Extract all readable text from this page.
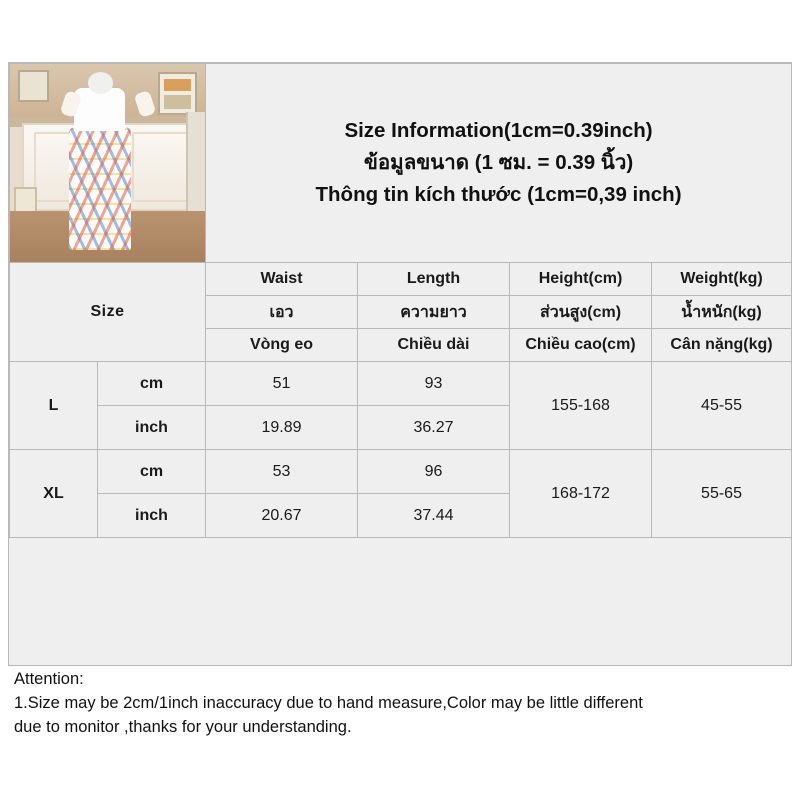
		Size Information(1cm=0.39inch)
ข้อมูลขนาด (1 ซม. = 0.39 นิ้ว)
Thông tin kích thước (1cm=0,39 inch)			

Size		Waist	Length	Height(cm)	Weight(kg)
		เอว	ความยาว	ส่วนสูง(cm)	น้ำหนัก(kg)
		Vòng eo	Chiều dài	Chiều cao(cm)	Cân nặng(kg)
L	cm	51	93	155-168	45-55
	inch	19.89	36.27		
XL	cm	53	96	168-172	55-65
	inch	20.67	37.44		

Attention:

1.Size may be 2cm/1inch inaccuracy due to hand measure,Color may be little different

due to monitor ,thanks for your understanding.
